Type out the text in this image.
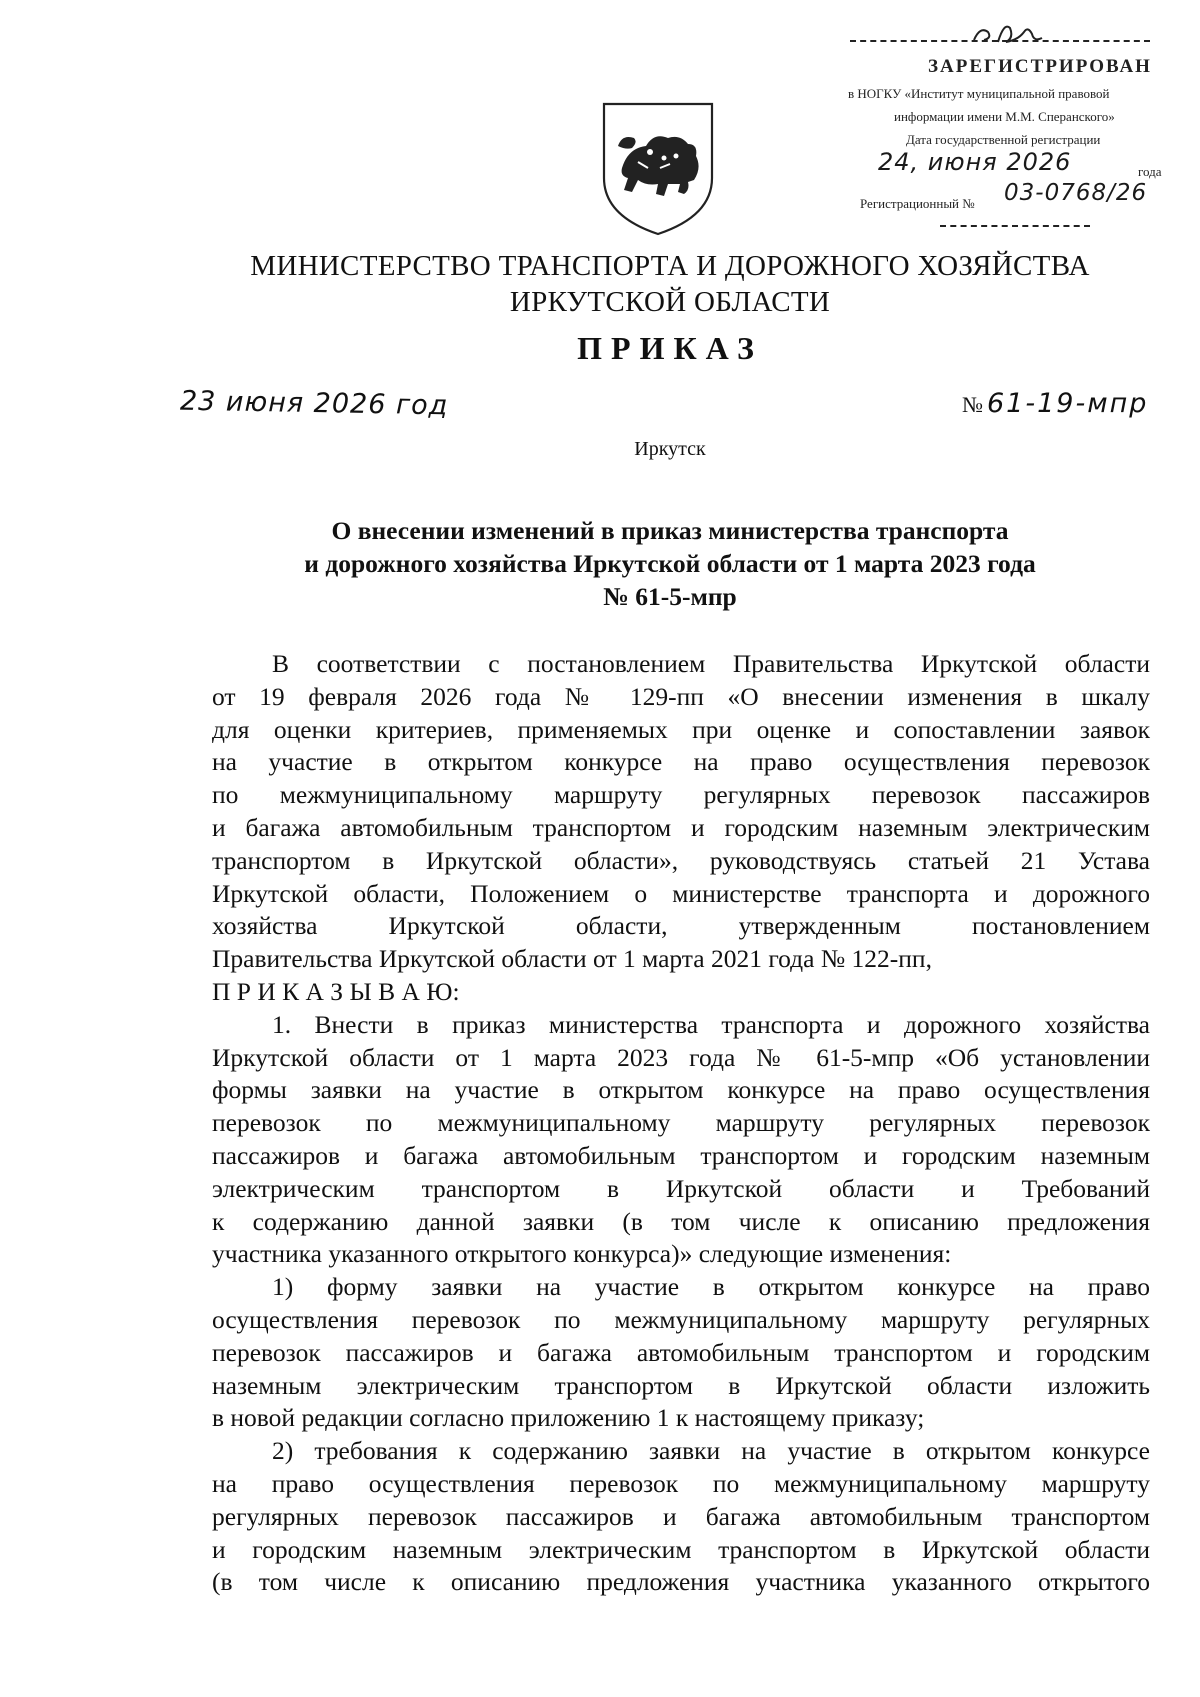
ЗАРЕГИСТРИРОВАН
в НОГКУ «Институт муниципальной правовой
информации имени М.М. Сперанского»
Дата государственной регистрации
24, июня 2026	года
Регистрационный № 03-0768/26
МИНИСТЕРСТВО ТРАНСПОРТА И ДОРОЖНОГО ХОЗЯЙСТВА
ИРКУТСКОЙ ОБЛАСТИ
ПРИКАЗ
23 июня 2026 год	№ 61-19-мпр
Иркутск
О внесении изменений в приказ министерства транспорта
и дорожного хозяйства Иркутской области от 1 марта 2023 года
№ 61-5-мпр
В соответствии с постановлением Правительства Иркутской области
от 19 февраля 2026 года № 129-пп «О внесении изменения в шкалу
для оценки критериев, применяемых при оценке и сопоставлении заявок
на участие в открытом конкурсе на право осуществления перевозок
по межмуниципальному маршруту регулярных перевозок пассажиров
и багажа автомобильным транспортом и городским наземным электрическим
транспортом в Иркутской области», руководствуясь статьей 21 Устава
Иркутской области, Положением о министерстве транспорта и дорожного
хозяйства Иркутской области, утвержденным постановлением
Правительства Иркутской области от 1 марта 2021 года № 122-пп,
П Р И К А З Ы В А Ю:
1. Внести в приказ министерства транспорта и дорожного хозяйства
Иркутской области от 1 марта 2023 года № 61-5-мпр «Об установлении
формы заявки на участие в открытом конкурсе на право осуществления
перевозок по межмуниципальному маршруту регулярных перевозок
пассажиров и багажа автомобильным транспортом и городским наземным
электрическим транспортом в Иркутской области и Требований
к содержанию данной заявки (в том числе к описанию предложения
участника указанного открытого конкурса)» следующие изменения:
1) форму заявки на участие в открытом конкурсе на право
осуществления перевозок по межмуниципальному маршруту регулярных
перевозок пассажиров и багажа автомобильным транспортом и городским
наземным электрическим транспортом в Иркутской области изложить
в новой редакции согласно приложению 1 к настоящему приказу;
2) требования к содержанию заявки на участие в открытом конкурсе
на право осуществления перевозок по межмуниципальному маршруту
регулярных перевозок пассажиров и багажа автомобильным транспортом
и городским наземным электрическим транспортом в Иркутской области
(в том числе к описанию предложения участника указанного открытого
